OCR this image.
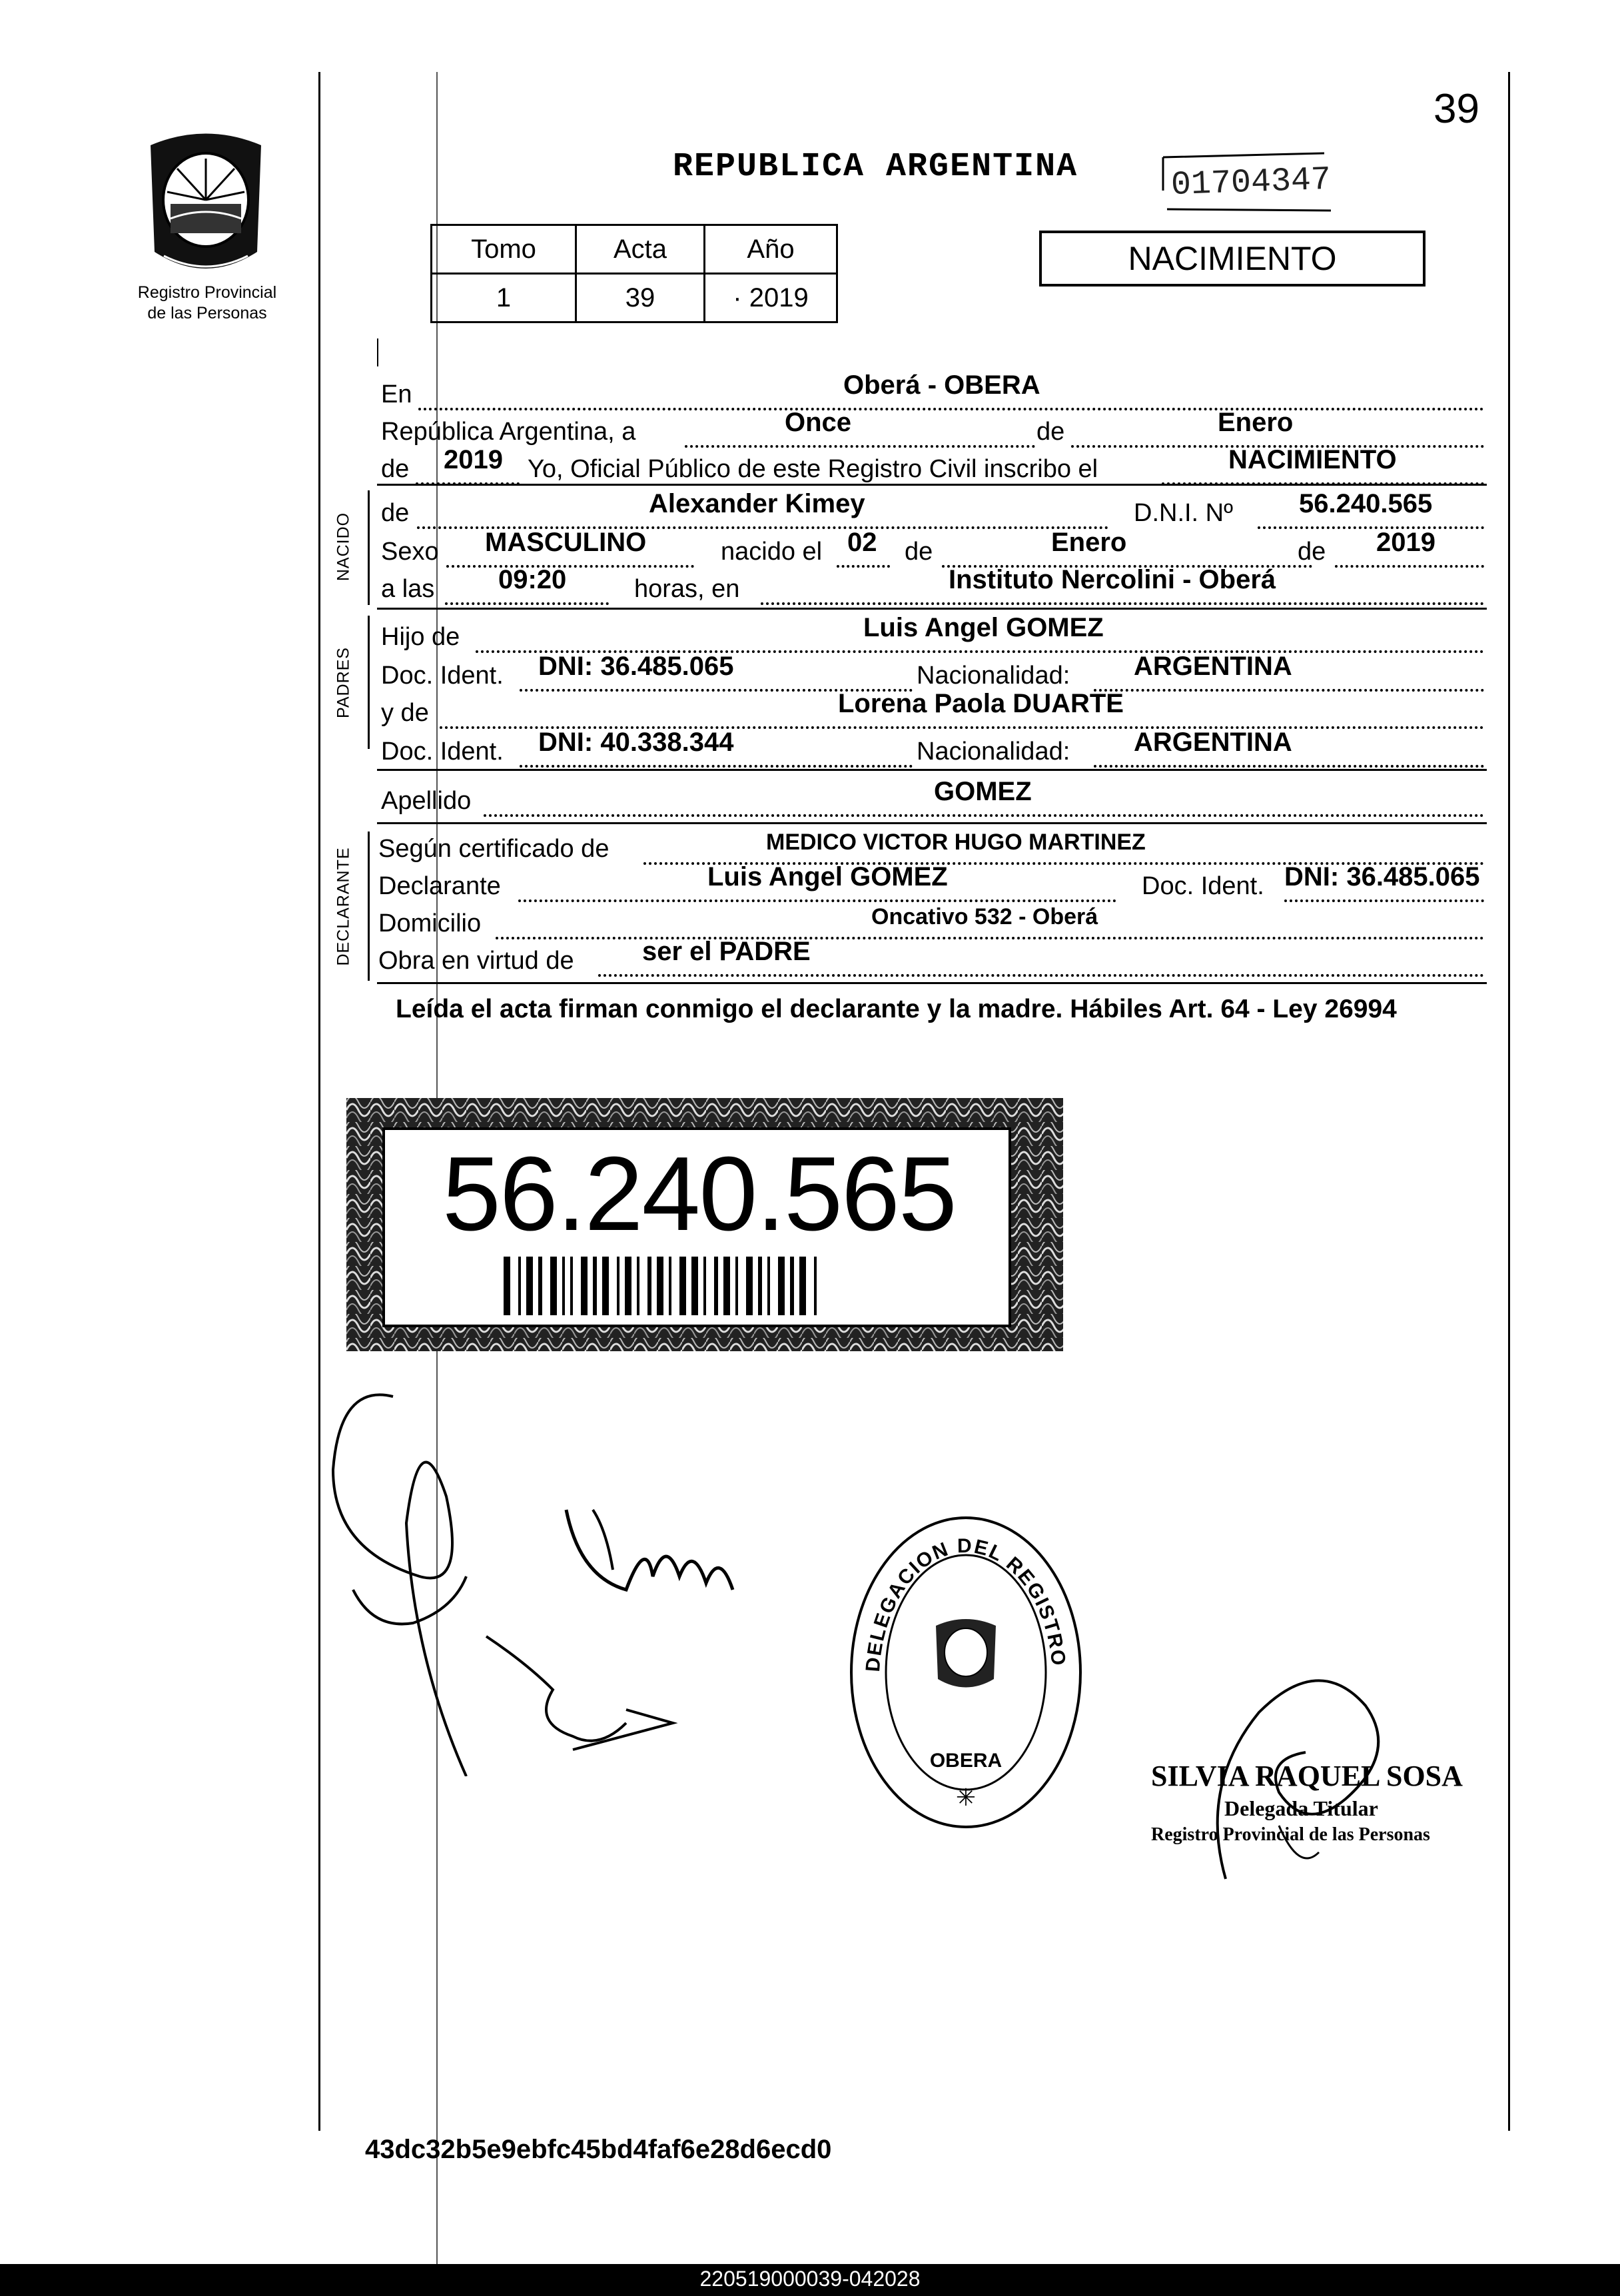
39
Registro Provincial
de las Personas
REPUBLICA ARGENTINA	01704347
Tomo	Acta	Año
1	39	· 2019
NACIMIENTO
En	Oberá - OBERA
República Argentina, a	Once	de	Enero
de 2019 Yo, Oficial Público de este Registro Civil inscribo el	NACIMIENTO
NACIDO de	Alexander Kimey	D.N.I. Nº 56.240.565
Sexo MASCULINO	nacido el 02 de	Enero	de 2019
a las 09:20	horas, en	Instituto Nercolini - Oberá
PADRES
Hijo de	Luis Angel GOMEZ
Doc. Ident. DNI: 36.485.065	Nacionalidad: ARGENTINA
y de	Lorena Paola DUARTE
Doc. Ident. DNI: 40.338.344	Nacionalidad: ARGENTINA
Apellido	GOMEZ
DECLARANTE Según certificado de	MEDICO VICTOR HUGO MARTINEZ
Declarante	Luis Angel GOMEZ	Doc. Ident. DNI: 36.485.065
Domicilio	Oncativo 532 - Oberá
Obra en virtud de	ser el PADRE
Leída el acta firman conmigo el declarante y la madre. Hábiles Art. 64 - Ley 26994
56.240.565
DELEGACION DEL REGISTRO
OBERA
✳
SILVIA RAQUEL SOSA
Delegada Titular
Registro Provincial de las Personas
43dc32b5e9ebfc45bd4faf6e28d6ecd0
220519000039-042028
